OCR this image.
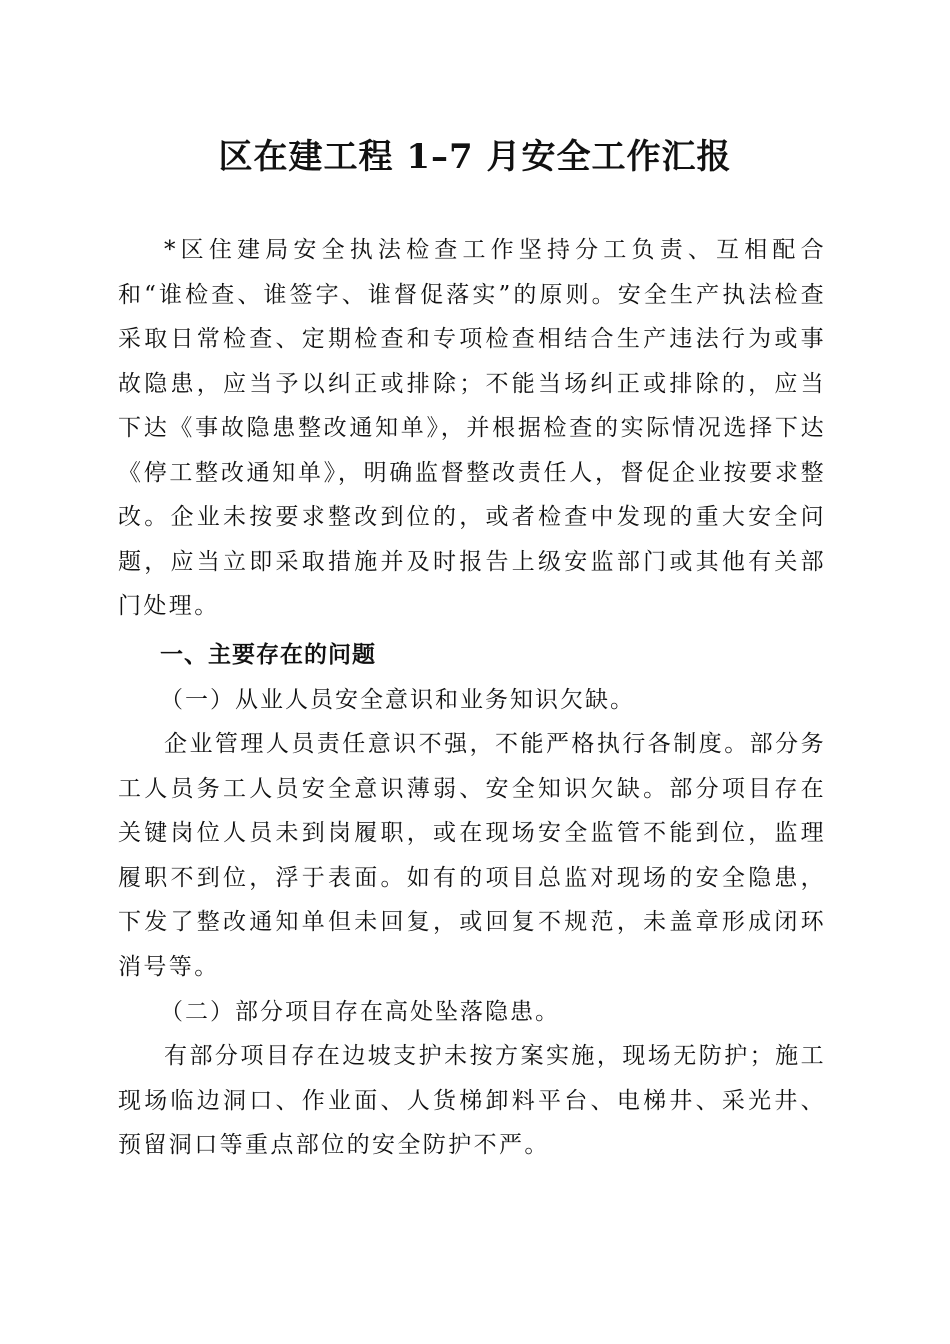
区在建工程 1–7 月安全工作汇报

*区住建局安全执法检查工作坚持分工负责、互相配合和“谁检查、谁签字、谁督促落实”的原则。安全生产执法检查采取日常检查、定期检查和专项检查相结合生产违法行为或事故隐患，应当予以纠正或排除；不能当场纠正或排除的，应当下达《事故隐患整改通知单》，并根据检查的实际情况选择下达《停工整改通知单》，明确监督整改责任人，督促企业按要求整改。企业未按要求整改到位的，或者检查中发现的重大安全问题，应当立即采取措施并及时报告上级安监部门或其他有关部门处理。

一、主要存在的问题
（一）从业人员安全意识和业务知识欠缺。

企业管理人员责任意识不强，不能严格执行各制度。部分务工人员务工人员安全意识薄弱、安全知识欠缺。部分项目存在关键岗位人员未到岗履职，或在现场安全监管不能到位，监理履职不到位，浮于表面。如有的项目总监对现场的安全隐患，下发了整改通知单但未回复，或回复不规范，未盖章形成闭环消号等。

（二）部分项目存在高处坠落隐患。

有部分项目存在边坡支护未按方案实施，现场无防护；施工现场临边洞口、作业面、人货梯卸料平台、电梯井、采光井、预留洞口等重点部位的安全防护不严。
